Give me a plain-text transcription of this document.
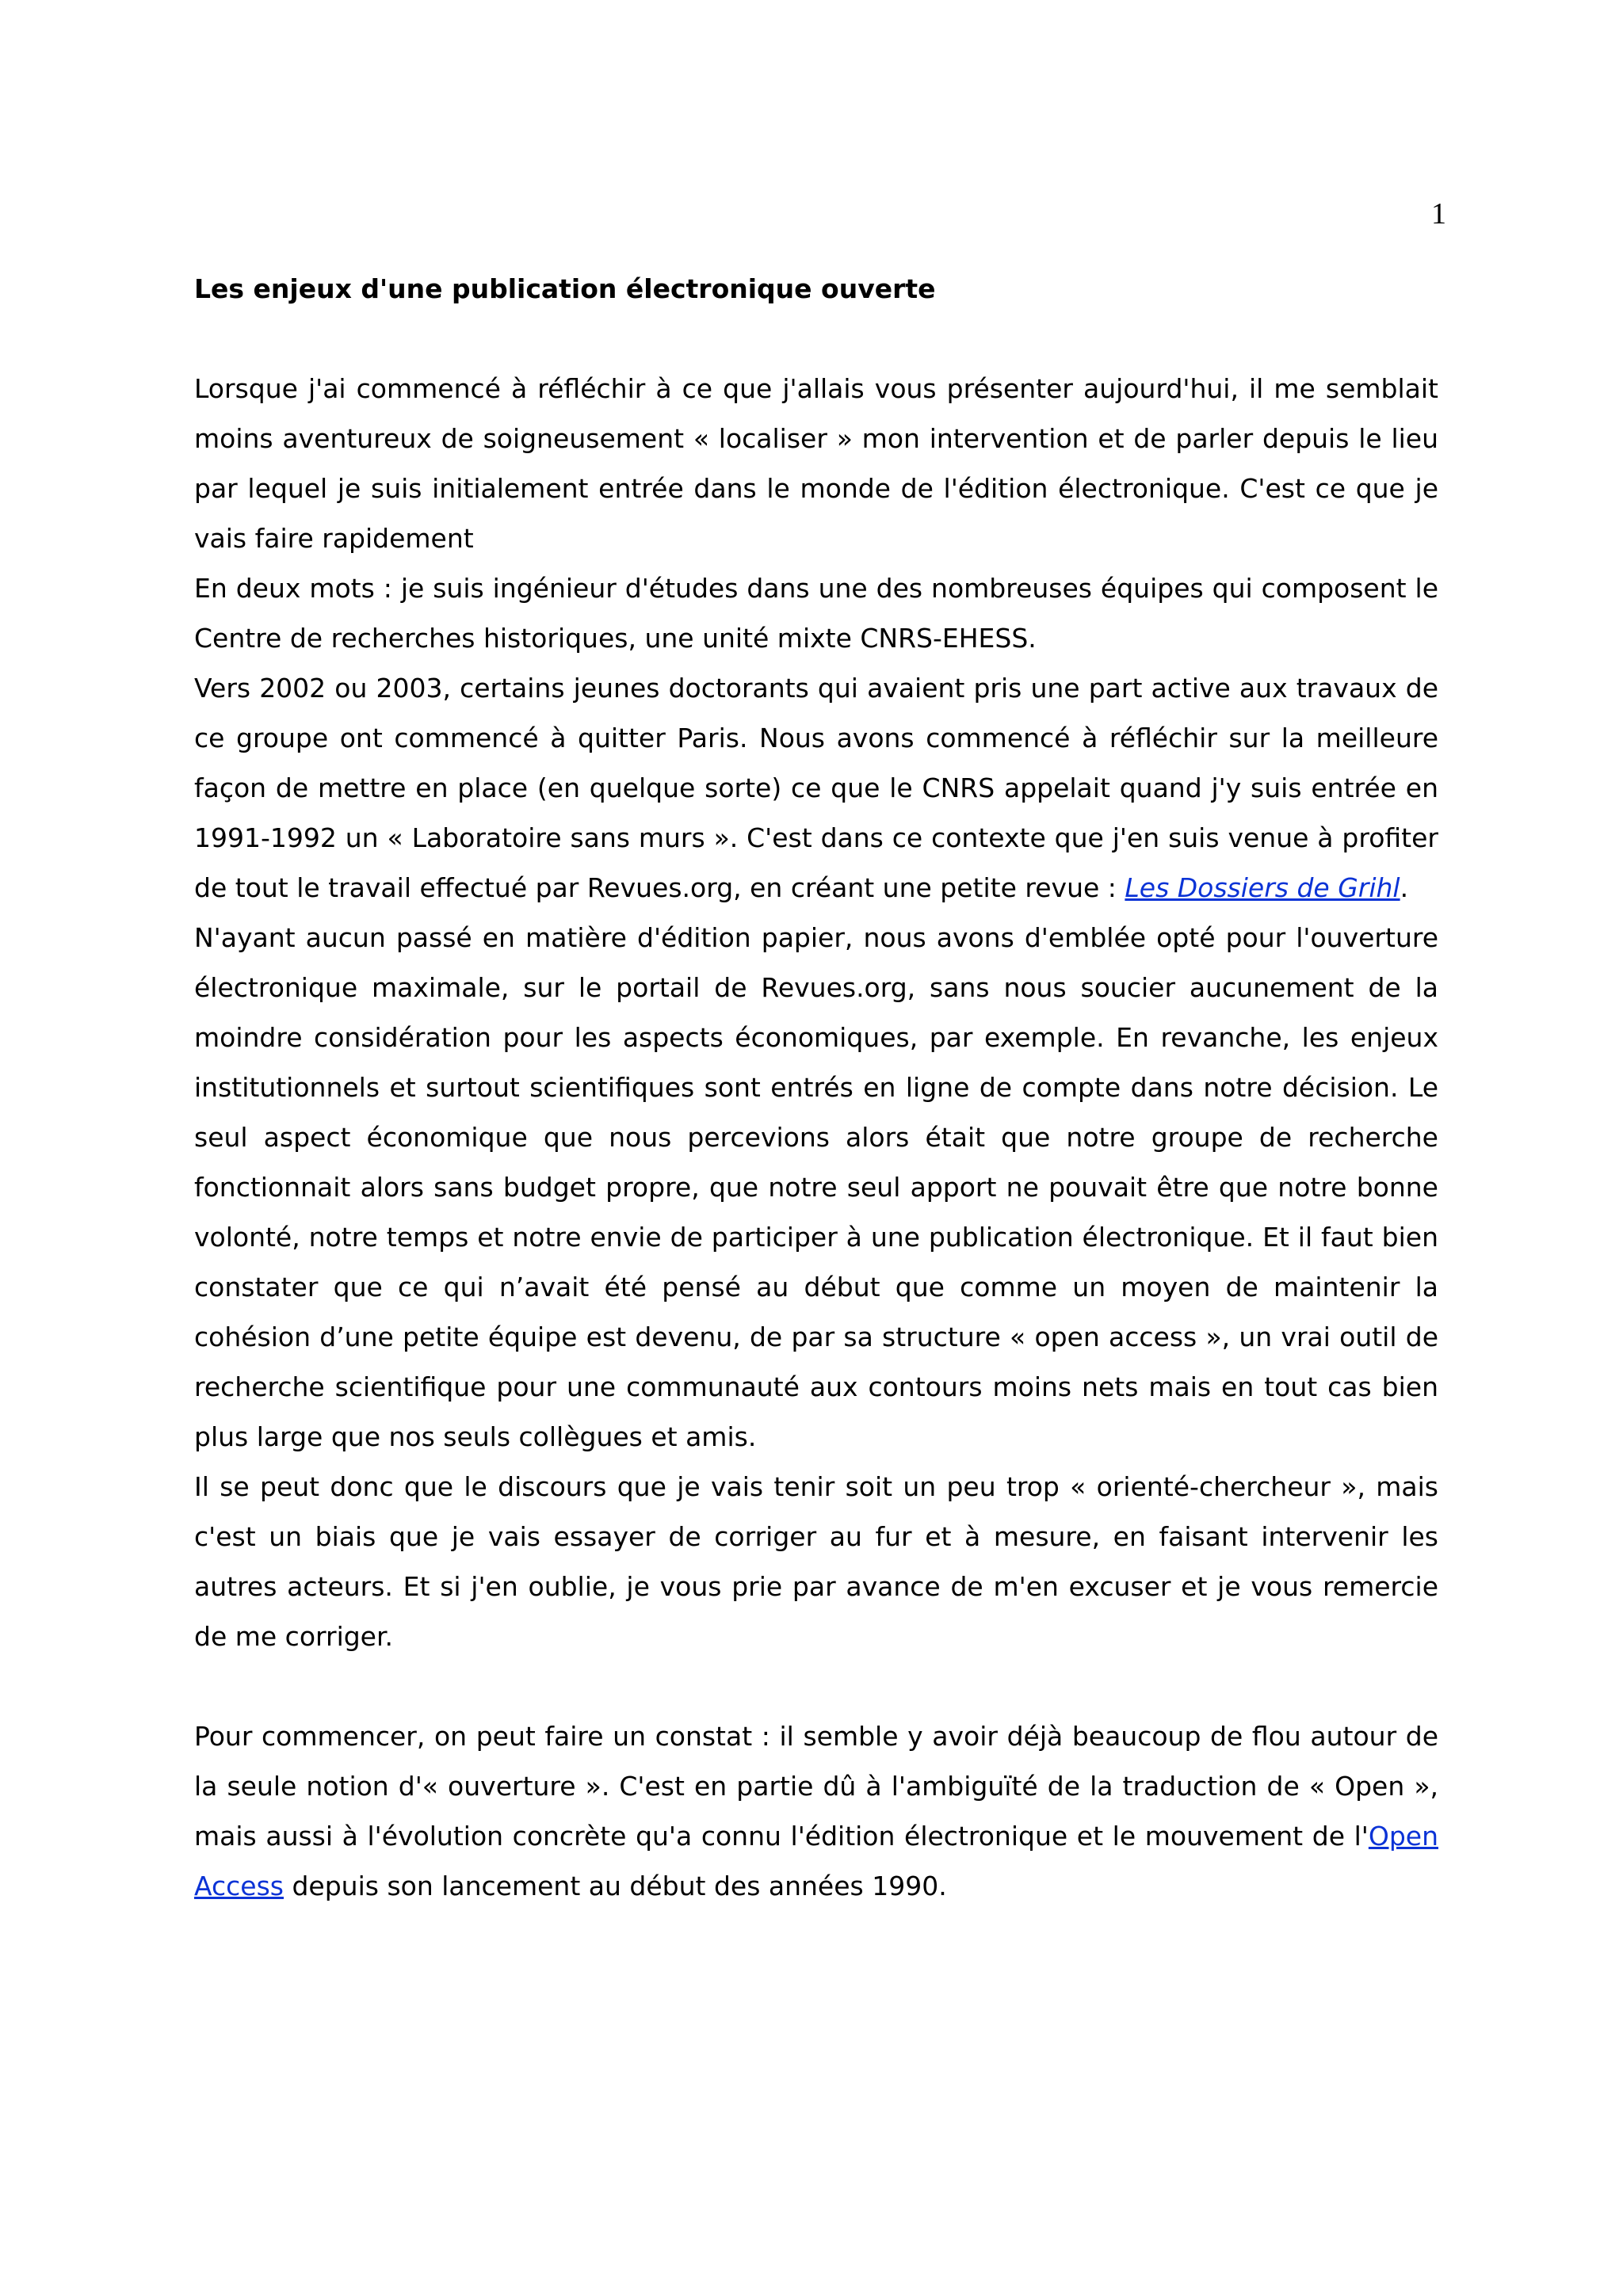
1
Les enjeux d'une publication électronique ouverte

Lorsque j'ai commencé à réfléchir à ce que j'allais vous présenter aujourd'hui, il me semblait moins aventureux de soigneusement « localiser » mon intervention et de parler depuis le lieu par lequel je suis initialement entrée dans le monde de l'édition électronique. C'est ce que je vais faire rapidement

En deux mots : je suis ingénieur d'études dans une des nombreuses équipes qui composent le Centre de recherches historiques, une unité mixte CNRS-EHESS.

Vers 2002 ou 2003, certains jeunes doctorants qui avaient pris une part active aux travaux de ce groupe ont commencé à quitter Paris. Nous avons commencé à réfléchir sur la meilleure façon de mettre en place (en quelque sorte) ce que le CNRS appelait quand j'y suis entrée en 1991-1992 un « Laboratoire sans murs ». C'est dans ce contexte que j'en suis venue à profiter de tout le travail effectué par Revues.org, en créant une petite revue : Les Dossiers de Grihl.

N'ayant aucun passé en matière d'édition papier, nous avons d'emblée opté pour l'ouverture électronique maximale, sur le portail de Revues.org, sans nous soucier aucunement de la moindre considération pour les aspects économiques, par exemple. En revanche, les enjeux institutionnels et surtout scientifiques sont entrés en ligne de compte dans notre décision. Le seul aspect économique que nous percevions alors était que notre groupe de recherche fonctionnait alors sans budget propre, que notre seul apport ne pouvait être que notre bonne volonté, notre temps et notre envie de participer à une publication électronique. Et il faut bien constater que ce qui n’avait été pensé au début que comme un moyen de maintenir la cohésion d’une petite équipe est devenu, de par sa structure « open access », un vrai outil de recherche scientifique pour une communauté aux contours moins nets mais en tout cas bien plus large que nos seuls collègues et amis.

Il se peut donc que le discours que je vais tenir soit un peu trop « orienté-chercheur », mais c'est un biais que je vais essayer de corriger au fur et à mesure, en faisant intervenir les autres acteurs. Et si j'en oublie, je vous prie par avance de m'en excuser et je vous remercie de me corriger.

Pour commencer, on peut faire un constat : il semble y avoir déjà beaucoup de flou autour de la seule notion d'« ouverture ». C'est en partie dû à l'ambiguïté de la traduction de « Open », mais aussi à l'évolution concrète qu'a connu l'édition électronique et le mouvement de l'Open Access depuis son lancement au début des années 1990.
